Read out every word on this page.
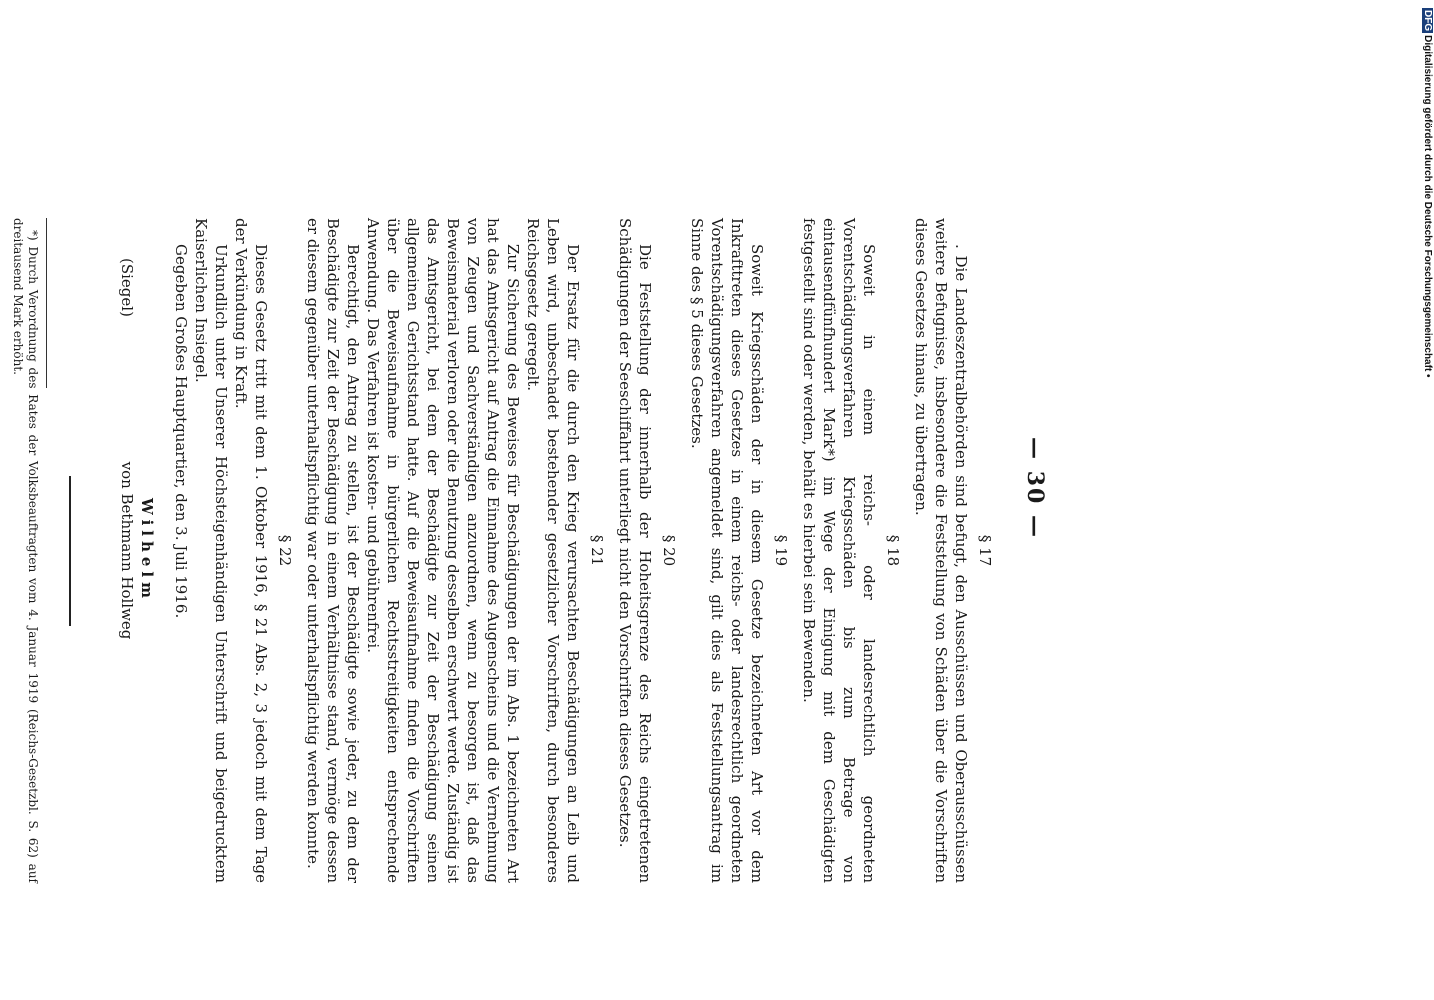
— 30 —
§ 17

. Die Landeszentralbehörden sind befugt, den Ausschüssen und Oberausschüssen weitere Befugnisse, insbesondere die Feststellung von Schäden über die Vorschriften dieses Gesetzes hinaus, zu übertragen.

§ 18

Soweit in einem reichs- oder landesrechtlich geordneten Vorentschädigungsverfahren Kriegsschäden bis zum Betrage von eintausendfünfhundert Mark*) im Wege der Einigung mit dem Geschädigten festgestellt sind oder werden, behält es hierbei sein Bewenden.

§ 19

Soweit Kriegsschäden der in diesem Gesetze bezeichneten Art vor dem Inkrafttreten dieses Gesetzes in einem reichs- oder landesrechtlich geordneten Vorentschädigungsverfahren angemeldet sind, gilt dies als Feststellungsantrag im Sinne des § 5 dieses Gesetzes.

§ 20

Die Feststellung der innerhalb der Hoheitsgrenze des Reichs eingetretenen Schädigungen der Seeschiffahrt unterliegt nicht den Vorschriften dieses Gesetzes.

§ 21

Der Ersatz für die durch den Krieg verursachten Beschädigungen an Leib und Leben wird, unbeschadet bestehender gesetzlicher Vorschriften, durch besonderes Reichsgesetz geregelt.

Zur Sicherung des Beweises für Beschädigungen der im Abs. 1 bezeichneten Art hat das Amtsgericht auf Antrag die Einnahme des Augenscheins und die Vernehmung von Zeugen und Sachverständigen anzuordnen, wenn zu besorgen ist, daß das Beweismaterial verloren oder die Benutzung desselben erschwert werde. Zuständig ist das Amtsgericht, bei dem der Beschädigte zur Zeit der Beschädigung seinen allgemeinen Gerichtsstand hatte. Auf die Beweisaufnahme finden die Vorschriften über die Beweisaufnahme in bürgerlichen Rechtsstreitigkeiten entsprechende Anwendung. Das Verfahren ist kosten- und gebührenfrei.

Berechtigt, den Antrag zu stellen, ist der Beschädigte sowie jeder, zu dem der Beschädigte zur Zeit der Beschädigung in einem Verhältnisse stand, vermöge dessen er diesem gegenüber unterhaltspflichtig war oder unterhaltspflichtig werden konnte.

§ 22

Dieses Gesetz tritt mit dem 1. Oktober 1916, § 21 Abs. 2, 3 jedoch mit dem Tage der Verkündung in Kraft.

Urkundlich unter Unserer Höchsteigenhändigen Unterschrift und beigedrucktem Kaiserlichen Insiegel.

Gegeben Großes Hauptquartier, den 3. Juli 1916.

Wilhelm

(Siegel)

von Bethmann Hollweg

*) Durch Verordnung des Rates der Volksbeauftragten vom 4. Januar 1919 (Reichs-Gesetzbl. S. 62) auf dreitausend Mark erhöht.

DFGDigitalisierung gefördert durch die Deutsche Forschungsgemeinschaft •
